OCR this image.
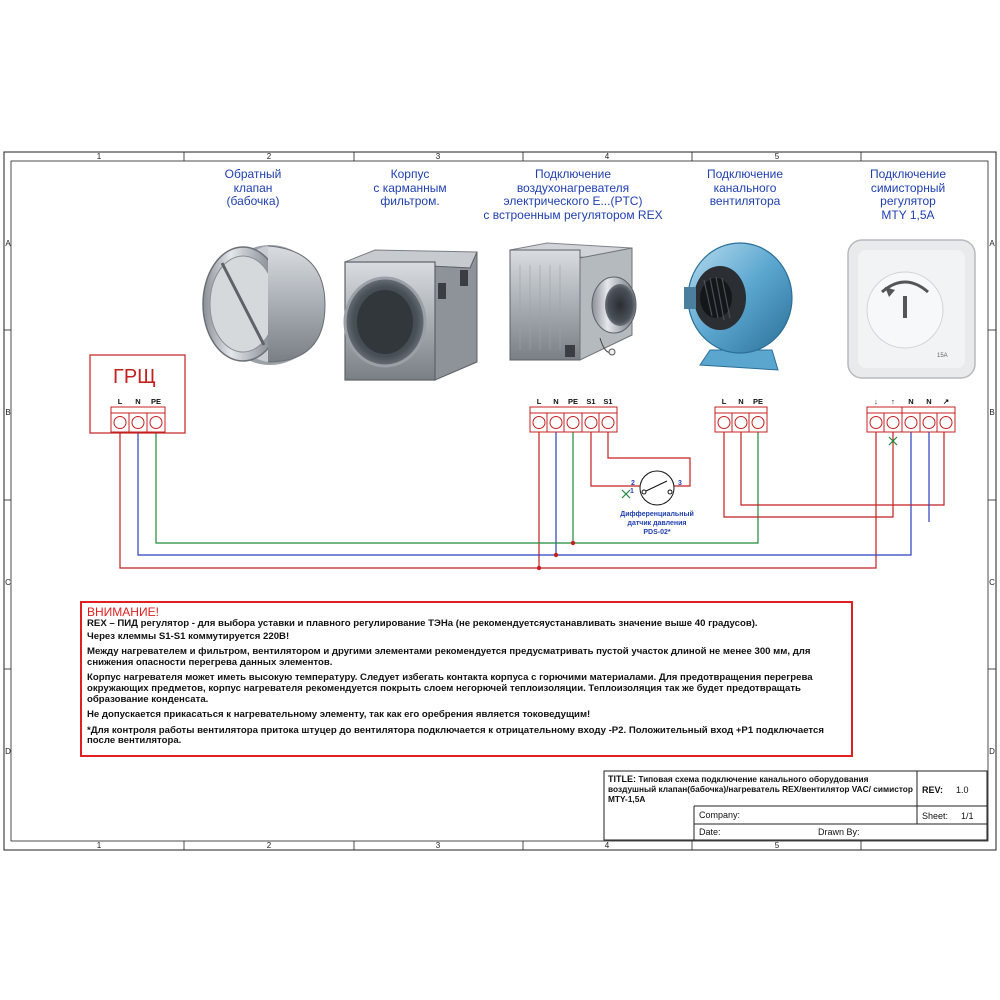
1	2	3	4	5
1	2	3	4	5
A
B
C
D
A
B
C
D
15A
ГРЩ
L N PE	L N PE S1 S1	L N PE	↓ ↑ N N ↗
2
1
3
Дифференциальный
датчик давления
PDS-02*
Обратный
клапан
(бабочка)
Корпус
с карманным
фильтром.
Подключение
воздухонагревателя
электрического Е...(PTC)
с встроенным регулятором REX
Подключение
канального
вентилятора
Подключение
симисторный
регулятор
MTY 1,5A
ВНИМАНИЕ!

REX – ПИД регулятор - для выбора уставки и плавного регулирование ТЭНа (не рекомендуетсяустанавливать значение выше 40 градусов).

Через клеммы S1-S1 коммутируется 220В!

Между нагревателем и фильтром, вентилятором и другими элементами рекомендуется предусматривать пустой участок длиной не менее 300 мм, для снижения опасности перегрева данных элементов.

Корпус нагревателя может иметь высокую температуру. Следует избегать контакта корпуса с горючими материалами. Для предотвращения перегрева окружающих предметов, корпус нагревателя рекомендуется покрыть слоем негорючей теплоизоляции. Теплоизоляция так же будет предотвращать образование конденсата.

Не допускается прикасаться к нагревательному элементу, так как его оребрения является токоведущим!

*Для контроля работы вентилятора притока штуцер до вентилятора подключается к отрицательному входу -P2. Положительный вход +P1 подключается после вентилятора.

TITLE: Типовая схема подключение канального оборудования воздушный клапан(бабочка)/нагреватель REX/вентилятор VAC/ симистор MTY-1,5A
REV: 1.0
Company:	Sheet: 1/1
Date:	Drawn By:
